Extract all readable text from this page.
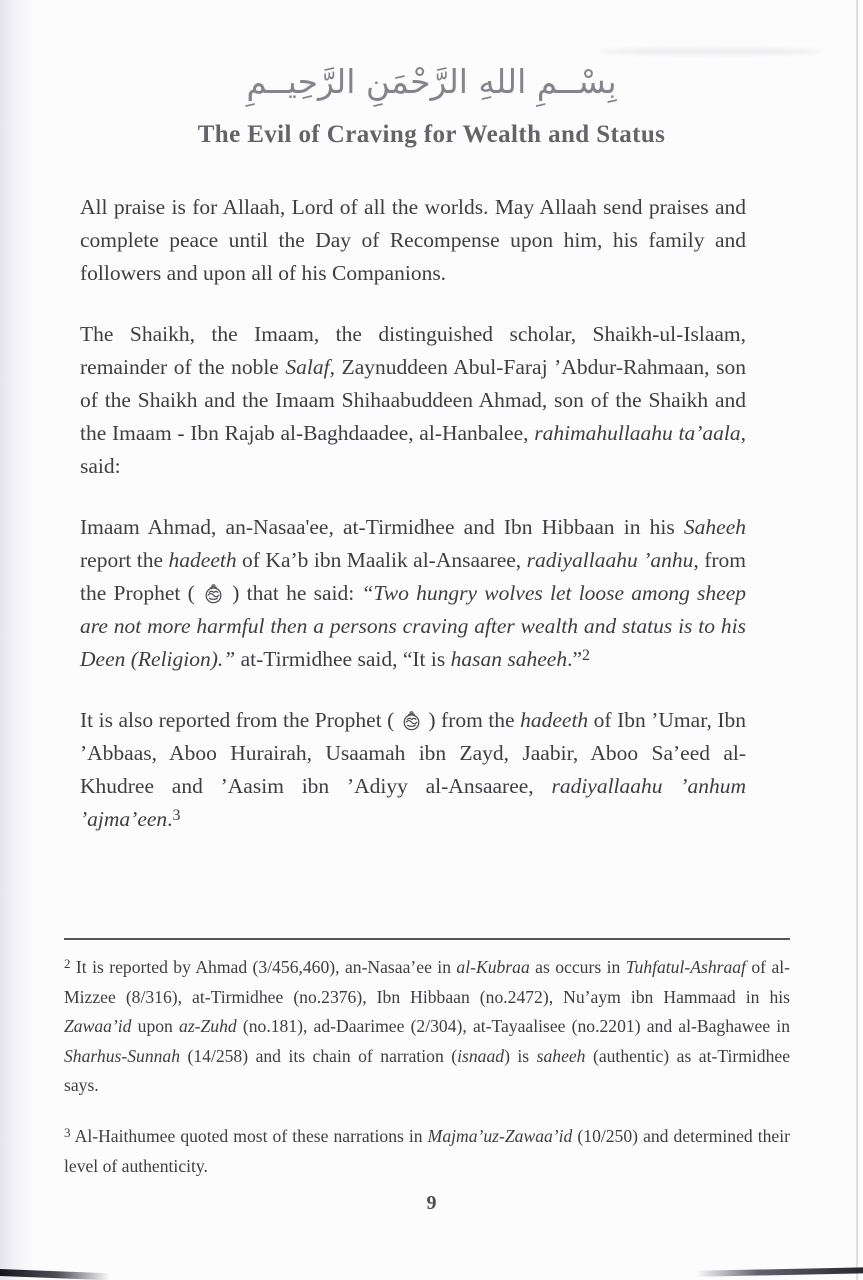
بِسْــمِ اللهِ الرَّحْمَنِ الرَّحِيــمِ
The Evil of Craving for Wealth and Status

All praise is for Allaah, Lord of all the worlds. May Allaah send praises and complete peace until the Day of Recompense upon him, his family and followers and upon all of his Companions.

The Shaikh, the Imaam, the distinguished scholar, Shaikh-ul-Islaam, remainder of the noble Salaf, Zaynuddeen Abul-Faraj ’Abdur-Rahmaan, son of the Shaikh and the Imaam Shihaabuddeen Ahmad, son of the Shaikh and the Imaam - Ibn Rajab al-Baghdaadee, al-Hanbalee, rahimahullaahu ta’aala, said:

Imaam Ahmad, an-Nasaa'ee, at-Tirmidhee and Ibn Hibbaan in his Saheeh report the hadeeth of Ka’b ibn Maalik al-Ansaaree, radiyallaahu ’anhu, from the Prophet ( ) that he said: “Two hungry wolves let loose among sheep are not more harmful then a persons craving after wealth and status is to his Deen (Religion).” at-Tirmidhee said, “It is hasan saheeh.”$^2$

It is also reported from the Prophet ( ) from the hadeeth of Ibn ’Umar, Ibn ’Abbaas, Aboo Hurairah, Usaamah ibn Zayd, Jaabir, Aboo Sa’eed al-Khudree and ’Aasim ibn ’Adiyy al-Ansaaree, radiyallaahu ’anhum ’ajma’een.$^3$

$^2$ It is reported by Ahmad (3/456,460), an-Nasaa’ee in al-Kubraa as occurs in Tuhfatul-Ashraaf of al-Mizzee (8/316), at-Tirmidhee (no.2376), Ibn Hibbaan (no.2472), Nu’aym ibn Hammaad in his Zawaa’id upon az-Zuhd (no.181), ad-Daarimee (2/304), at-Tayaalisee (no.2201) and al-Baghawee in Sharhus-Sunnah (14/258) and its chain of narration (isnaad) is saheeh (authentic) as at-Tirmidhee says.

$^3$ Al-Haithumee quoted most of these narrations in Majma’uz-Zawaa’id (10/250) and determined their level of authenticity.

9
